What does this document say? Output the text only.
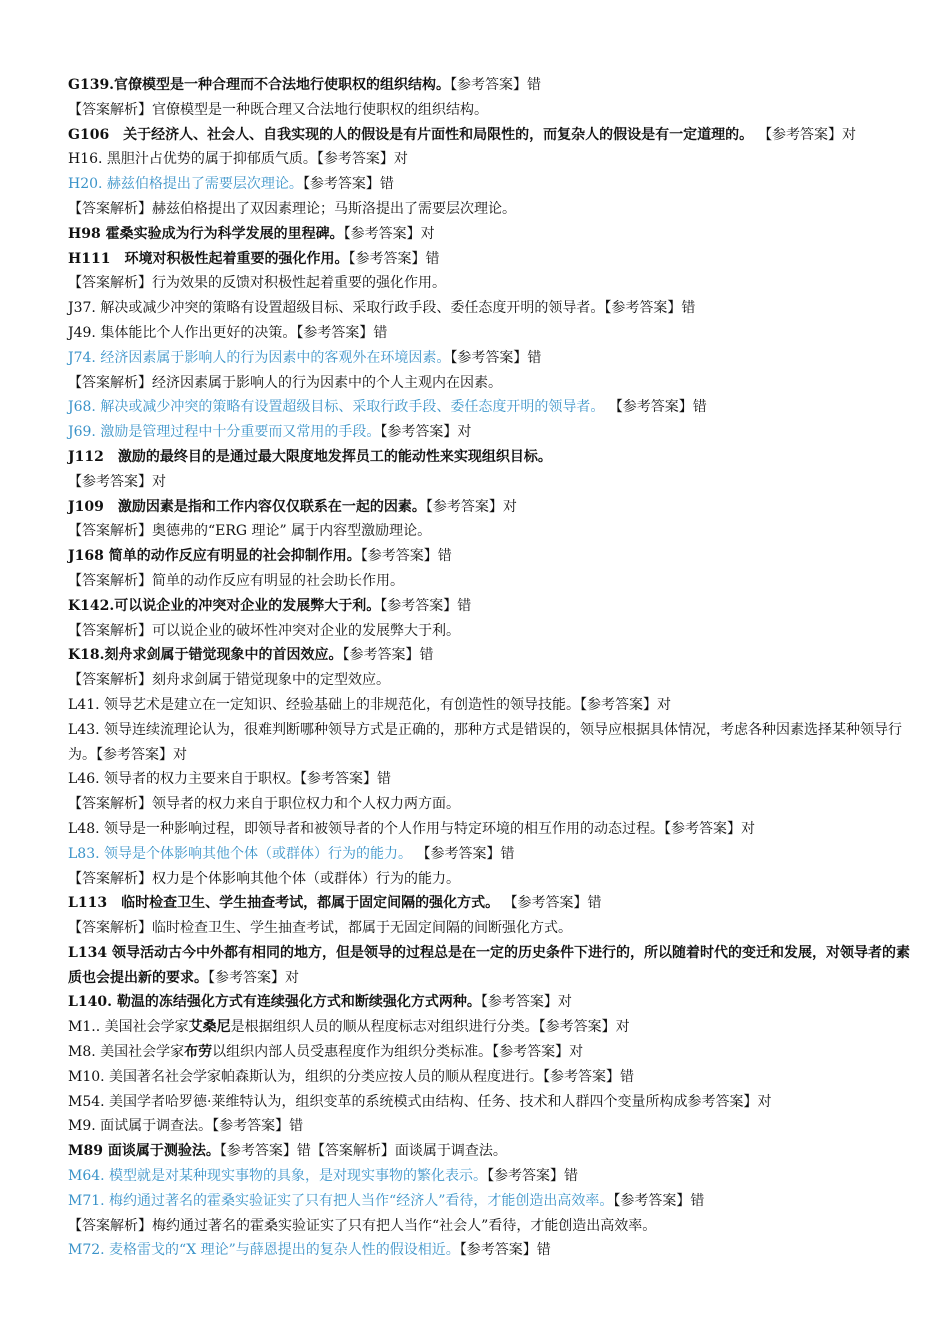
G139.官僚模型是一种合理而不合法地行使职权的组织结构。【参考答案】错
【答案解析】官僚模型是一种既合理又合法地行使职权的组织结构。
G106　关于经济人、社会人、自我实现的人的假设是有片面性和局限性的，而复杂人的假设是有一定道理的。 【参考答案】对
H16. 黑胆汁占优势的属于抑郁质气质。【参考答案】对
H20. 赫兹伯格提出了需要层次理论。【参考答案】错
【答案解析】赫兹伯格提出了双因素理论；马斯洛提出了需要层次理论。
H98 霍桑实验成为行为科学发展的里程碑。【参考答案】对
H111　环境对积极性起着重要的强化作用。【参考答案】错
【答案解析】行为效果的反馈对积极性起着重要的强化作用。
J37. 解决或减少冲突的策略有设置超级目标、采取行政手段、委任态度开明的领导者。【参考答案】错
J49. 集体能比个人作出更好的决策。【参考答案】错
J74. 经济因素属于影响人的行为因素中的客观外在环境因素。【参考答案】错
【答案解析】经济因素属于影响人的行为因素中的个人主观内在因素。
J68. 解决或减少冲突的策略有设置超级目标、采取行政手段、委任态度开明的领导者。 【参考答案】错
J69. 激励是管理过程中十分重要而又常用的手段。【参考答案】对
J112　激励的最终目的是通过最大限度地发挥员工的能动性来实现组织目标。
【参考答案】对
J109　激励因素是指和工作内容仅仅联系在一起的因素。【参考答案】对
【答案解析】奥德弗的“ERG 理论” 属于内容型激励理论。
J168 简单的动作反应有明显的社会抑制作用。【参考答案】错
【答案解析】简单的动作反应有明显的社会助长作用。
K142.可以说企业的冲突对企业的发展弊大于利。【参考答案】错
【答案解析】可以说企业的破坏性冲突对企业的发展弊大于利。
K18.刻舟求剑属于错觉现象中的首因效应。【参考答案】错
【答案解析】刻舟求剑属于错觉现象中的定型效应。
L41. 领导艺术是建立在一定知识、经验基础上的非规范化，有创造性的领导技能。【参考答案】对
L43. 领导连续流理论认为，很难判断哪种领导方式是正确的，那种方式是错误的，领导应根据具体情况，考虑各种因素选择某种领导行为。【参考答案】对
L46. 领导者的权力主要来自于职权。【参考答案】错
【答案解析】领导者的权力来自于职位权力和个人权力两方面。
L48. 领导是一种影响过程，即领导者和被领导者的个人作用与特定环境的相互作用的动态过程。【参考答案】对
L83. 领导是个体影响其他个体（或群体）行为的能力。 【参考答案】错
【答案解析】权力是个体影响其他个体（或群体）行为的能力。
L113　临时检查卫生、学生抽查考试，都属于固定间隔的强化方式。 【参考答案】错
【答案解析】临时检查卫生、学生抽查考试，都属于无固定间隔的间断强化方式。
L134 领导活动古今中外都有相同的地方，但是领导的过程总是在一定的历史条件下进行的，所以随着时代的变迁和发展，对领导者的素质也会提出新的要求。【参考答案】对
L140. 勒温的冻结强化方式有连续强化方式和断续强化方式两种。【参考答案】对
M1.. 美国社会学家艾桑尼是根据组织人员的顺从程度标志对组织进行分类。【参考答案】对
M8. 美国社会学家布劳以组织内部人员受惠程度作为组织分类标准。【参考答案】对
M10. 美国著名社会学家帕森斯认为，组织的分类应按人员的顺从程度进行。【参考答案】错
M54. 美国学者哈罗德·莱维特认为，组织变革的系统模式由结构、任务、技术和人群四个变量所构成参考答案】对
M9. 面试属于调查法。【参考答案】错
M89 面谈属于测验法。【参考答案】错【答案解析】面谈属于调查法。
M64. 模型就是对某种现实事物的具象，是对现实事物的繁化表示。【参考答案】错
M71. 梅约通过著名的霍桑实验证实了只有把人当作“经济人”看待，才能创造出高效率。【参考答案】错
【答案解析】梅约通过著名的霍桑实验证实了只有把人当作“社会人”看待，才能创造出高效率。
M72. 麦格雷戈的“X 理论”与薛恩提出的复杂人性的假设相近。【参考答案】错
